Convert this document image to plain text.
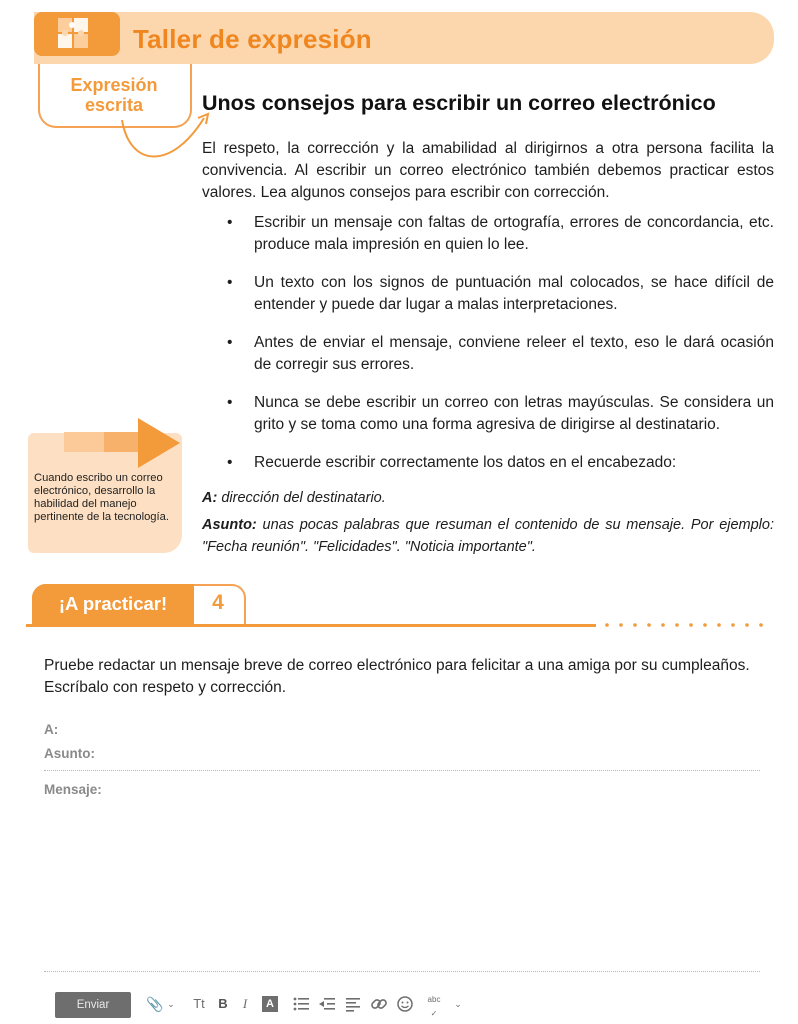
Taller de expresión
Expresión
escrita	Unos consejos para escribir un correo electrónico
El respeto, la corrección y la amabilidad al dirigirnos a otra persona facilita la convivencia. Al escribir un correo electrónico también debemos practicar estos valores. Lea algunos consejos para escribir con corrección.
•	Escribir un mensaje con faltas de ortografía, errores de concordancia, etc. produce mala impresión en quien lo lee.
•	Un texto con los signos de puntuación mal colocados, se hace difícil de entender y puede dar lugar a malas interpretaciones.
•	Antes de enviar el mensaje, conviene releer el texto, eso le dará ocasión de corregir sus errores.
•	Nunca se debe escribir un correo con letras mayúsculas. Se considera un grito y se toma como una forma agresiva de dirigirse al destinatario.
•	Recuerde escribir correctamente los datos en el encabezado:
A: dirección del destinatario.
Asunto: unas pocas palabras que resuman el contenido de su mensaje. Por ejemplo: "Fecha reunión". "Felicidades". "Noticia importante".
Cuando escribo un correo electrónico, desarrollo la habilidad del manejo pertinente de la tecnología.
¡A practicar!	4
Pruebe redactar un mensaje breve de correo electrónico para felicitar a una amiga por su cumpleaños. Escríbalo con respeto y corrección.
A:
Asunto:
Mensaje:
Enviar	📎 ⌄	Tt	B	I	A	abc
✓
⌄
